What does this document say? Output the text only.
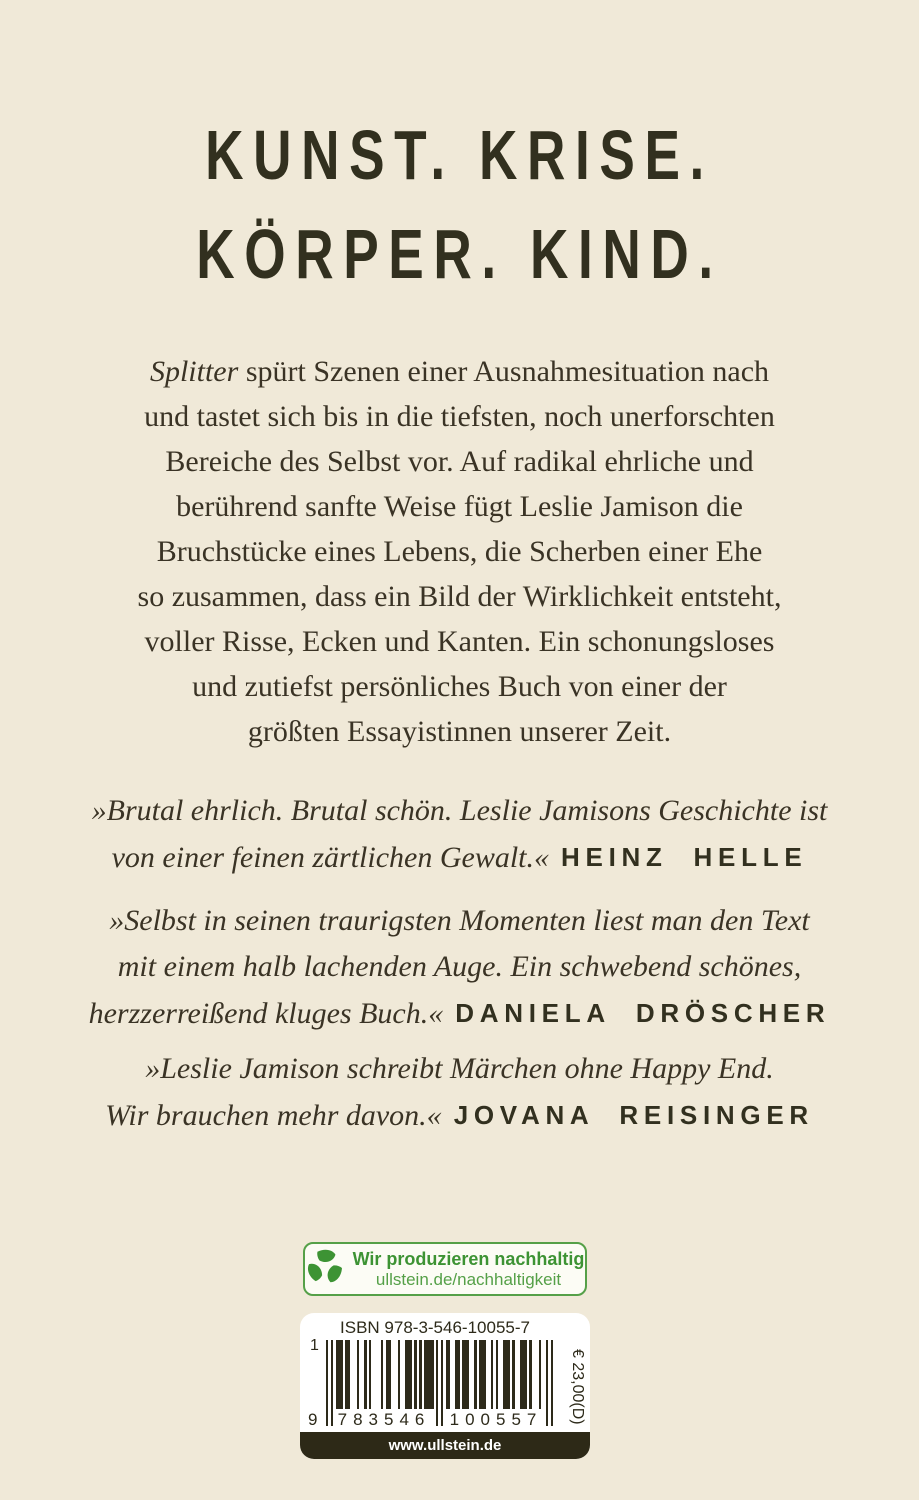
KUNST. KRISE.
KÖRPER. KIND.
Splitter spürt Szenen einer Ausnahmesituation nach
und tastet sich bis in die tiefsten, noch unerforschten
Bereiche des Selbst vor. Auf radikal ehrliche und
berührend sanfte Weise fügt Leslie Jamison die
Bruchstücke eines Lebens, die Scherben einer Ehe
so zusammen, dass ein Bild der Wirklichkeit entsteht,
voller Risse, Ecken und Kanten. Ein schonungsloses
und zutiefst persönliches Buch von einer der
größten Essayistinnen unserer Zeit.
»Brutal ehrlich. Brutal schön. Leslie Jamisons Geschichte ist
von einer feinen zärtlichen Gewalt.« HEINZ HELLE
»Selbst in seinen traurigsten Momenten liest man den Text
mit einem halb lachenden Auge. Ein schwebend schönes,
herzzerreißend kluges Buch.« DANIELA DRÖSCHER
»Leslie Jamison schreibt Märchen ohne Happy End.
Wir brauchen mehr davon.« JOVANA REISINGER
Wir produzieren nachhaltig
ullstein.de/nachhaltigkeit
ISBN 978-3-546-10055-7
1
9 783546 100557 € 23,00(D)
www.ullstein.de
